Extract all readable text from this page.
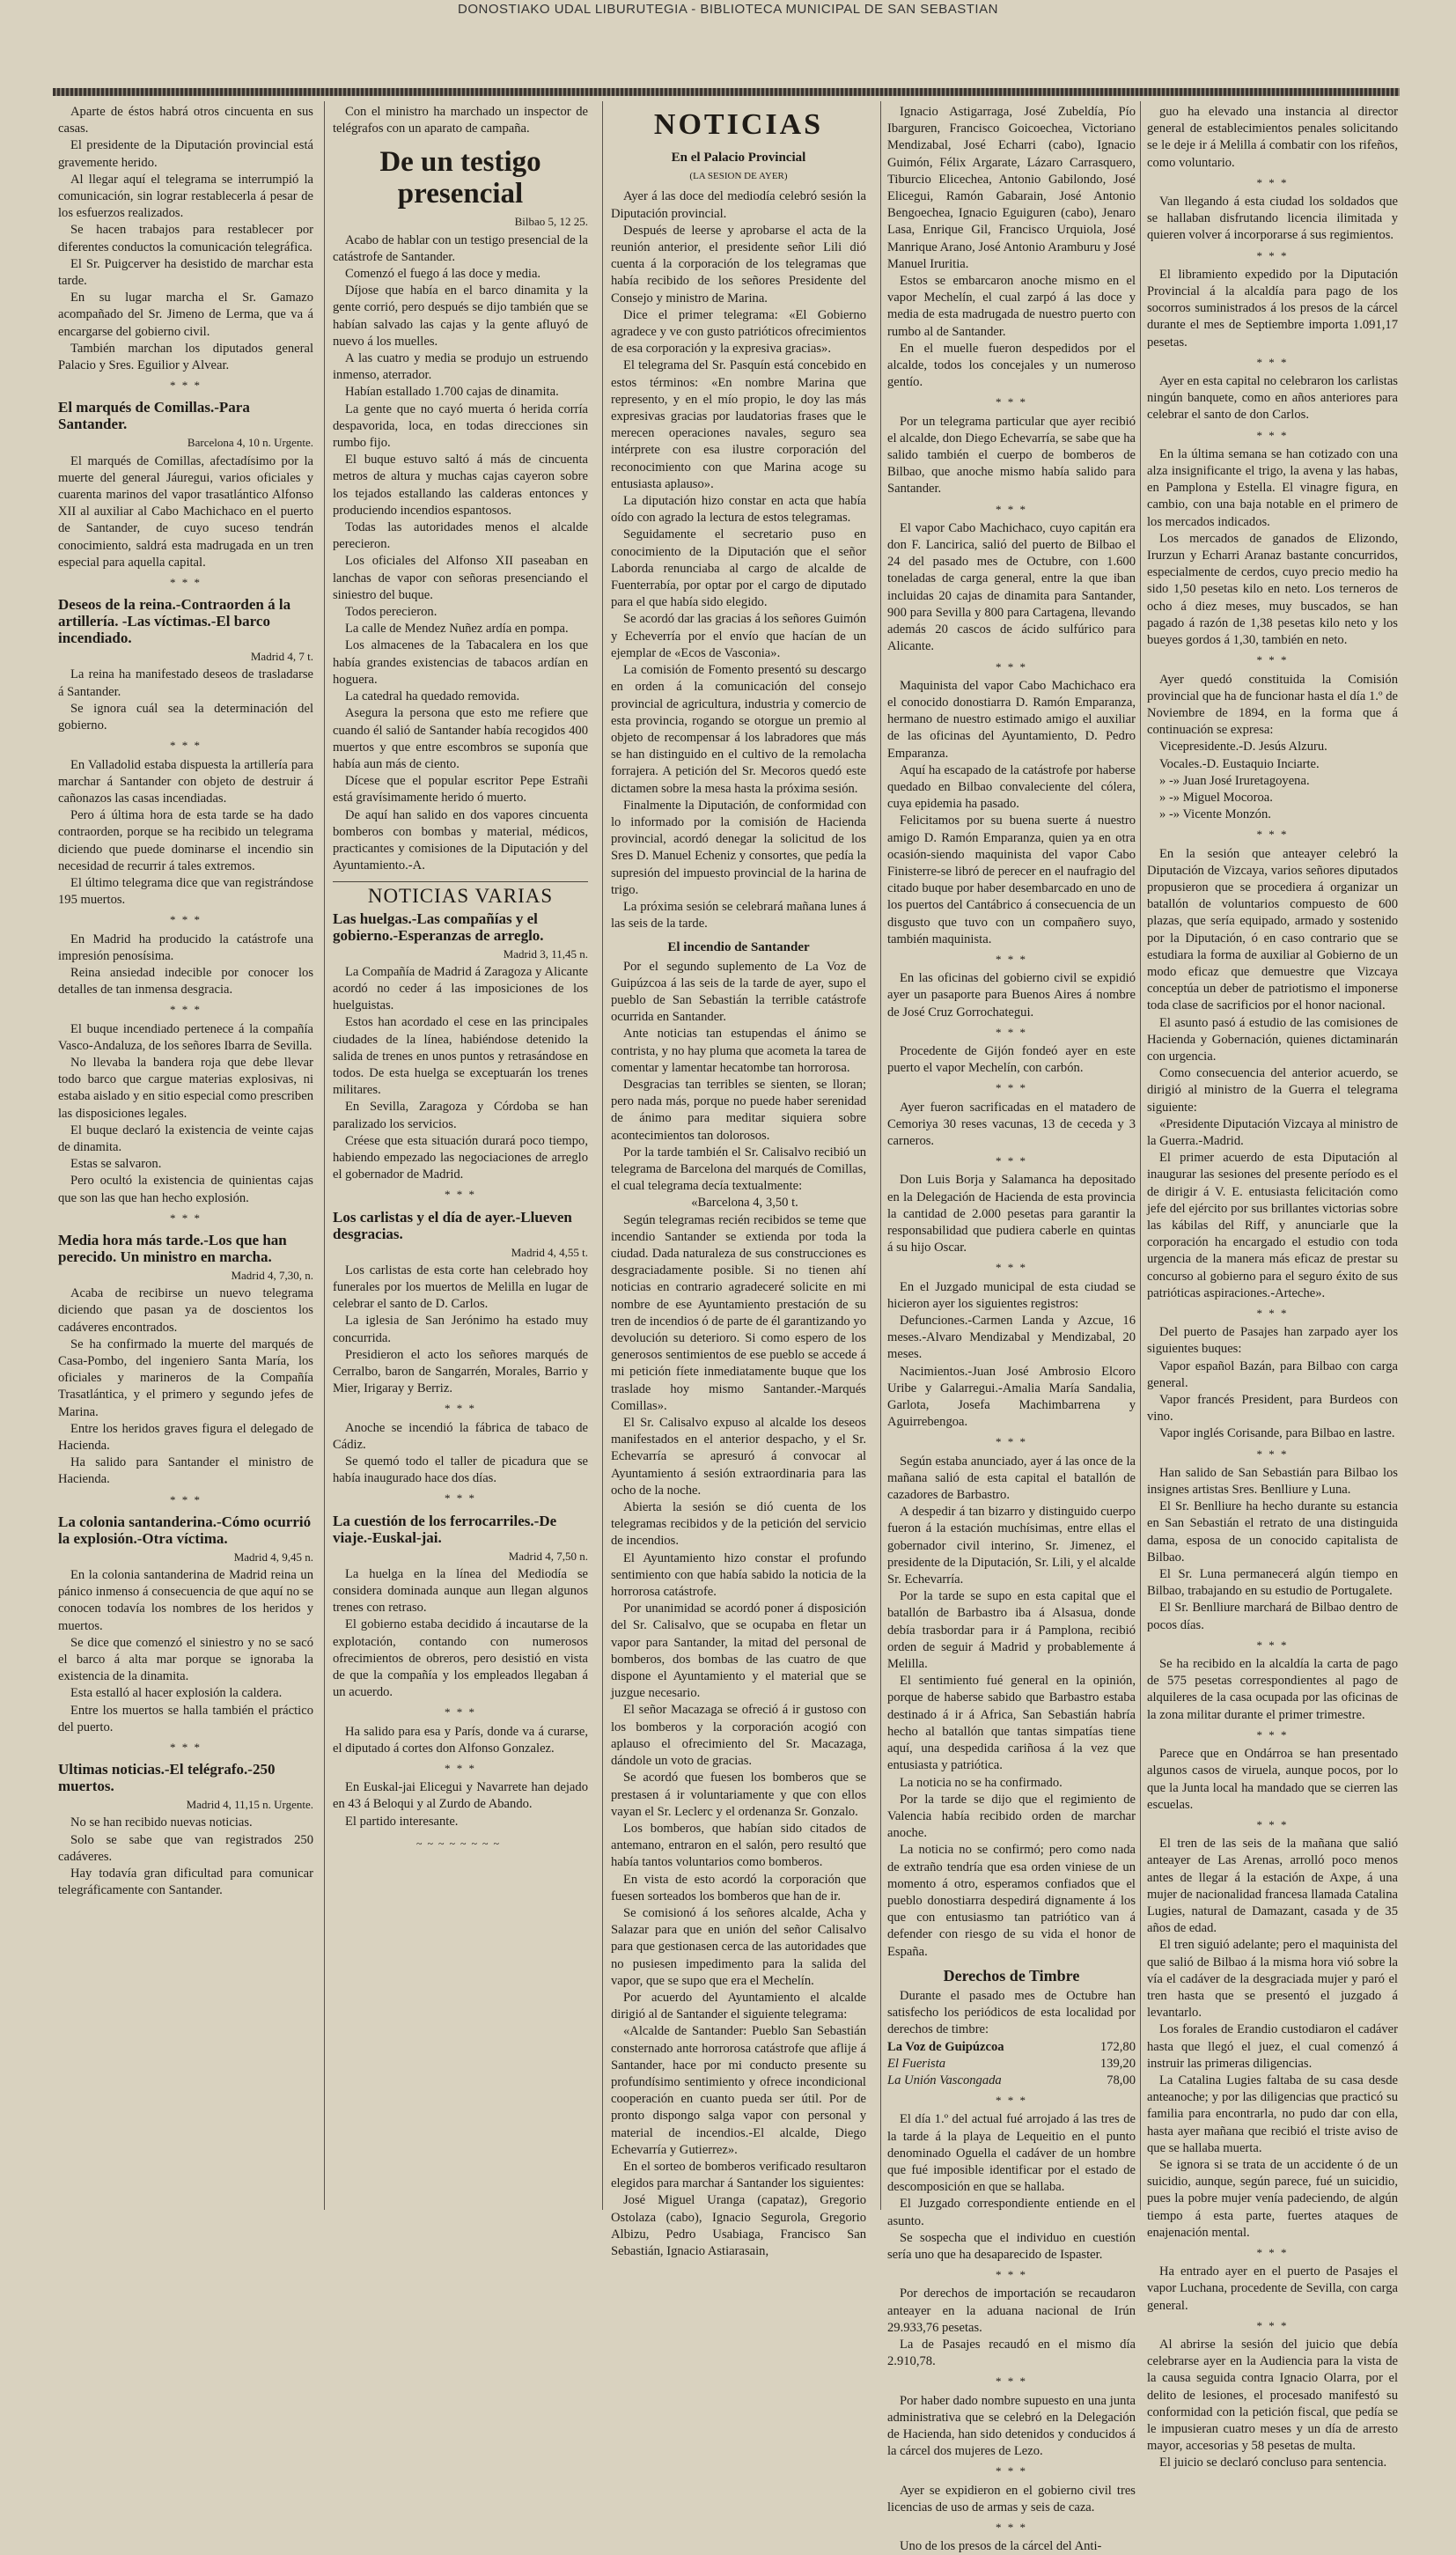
DONOSTIAKO UDAL LIBURUTEGIA - BIBLIOTECA MUNICIPAL DE SAN SEBASTIAN

Aparte de éstos habrá otros cincuenta en sus casas.

El presidente de la Diputación provincial está gravemente herido.

Al llegar aquí el telegrama se interrumpió la comunicación, sin lograr restablecerla á pesar de los esfuerzos realizados.

Se hacen trabajos para restablecer por diferentes conductos la comunicación telegráfica.

El Sr. Puigcerver ha desistido de marchar esta tarde.

En su lugar marcha el Sr. Gamazo acompañado del Sr. Jimeno de Lerma, que va á encargarse del gobierno civil.

También marchan los diputados general Palacio y Sres. Eguilior y Alvear.

* * *
El marqués de Comillas.-Para Santander.
Barcelona 4, 10 n. Urgente.

El marqués de Comillas, afectadísimo por la muerte del general Jáuregui, varios oficiales y cuarenta marinos del vapor trasatlántico Alfonso XII al auxiliar al Cabo Machichaco en el puerto de Santander, de cuyo suceso tendrán conocimiento, saldrá esta madrugada en un tren especial para aquella capital.

* * *
Deseos de la reina.-Contraorden á la artillería. -Las víctimas.-El barco incendiado.
Madrid 4, 7 t.

La reina ha manifestado deseos de trasladarse á Santander.

Se ignora cuál sea la determinación del gobierno.

* * *

En Valladolid estaba dispuesta la artillería para marchar á Santander con objeto de destruir á cañonazos las casas incendiadas.

Pero á última hora de esta tarde se ha dado contraorden, porque se ha recibido un telegrama diciendo que puede dominarse el incendio sin necesidad de recurrir á tales extremos.

El último telegrama dice que van registrándose 195 muertos.

* * *

En Madrid ha producido la catástrofe una impresión penosísima.

Reina ansiedad indecible por conocer los detalles de tan inmensa desgracia.

* * *

El buque incendiado pertenece á la compañía Vasco-Andaluza, de los señores Ibarra de Sevilla.

No llevaba la bandera roja que debe llevar todo barco que cargue materias explosivas, ni estaba aislado y en sitio especial como prescriben las disposiciones legales.

El buque declaró la existencia de veinte cajas de dinamita.

Estas se salvaron.

Pero ocultó la existencia de quinientas cajas que son las que han hecho explosión.

* * *
Media hora más tarde.-Los que han perecido. Un ministro en marcha.
Madrid 4, 7,30, n.

Acaba de recibirse un nuevo telegrama diciendo que pasan ya de doscientos los cadáveres encontrados.

Se ha confirmado la muerte del marqués de Casa-Pombo, del ingeniero Santa María, los oficiales y marineros de la Compañía Trasatlántica, y el primero y segundo jefes de Marina.

Entre los heridos graves figura el delegado de Hacienda.

Ha salido para Santander el ministro de Hacienda.

* * *
La colonia santanderina.-Cómo ocurrió la explosión.-Otra víctima.
Madrid 4, 9,45 n.

En la colonia santanderina de Madrid reina un pánico inmenso á consecuencia de que aquí no se conocen todavía los nombres de los heridos y muertos.

Se dice que comenzó el siniestro y no se sacó el barco á alta mar porque se ignoraba la existencia de la dinamita.

Esta estalló al hacer explosión la caldera.

Entre los muertos se halla también el práctico del puerto.

* * *
Ultimas noticias.-El telégrafo.-250 muertos.
Madrid 4, 11,15 n. Urgente.

No se han recibido nuevas noticias.

Solo se sabe que van registrados 250 cadáveres.

Hay todavía gran dificultad para comunicar telegráficamente con Santander.

Con el ministro ha marchado un inspector de telégrafos con un aparato de campaña.

De un testigo presencial
Bilbao 5, 12 25.

Acabo de hablar con un testigo presencial de la catástrofe de Santander.

Comenzó el fuego á las doce y media.

Díjose que había en el barco dinamita y la gente corrió, pero después se dijo también que se habían salvado las cajas y la gente afluyó de nuevo á los muelles.

A las cuatro y media se produjo un estruendo inmenso, aterrador.

Habían estallado 1.700 cajas de dinamita.

La gente que no cayó muerta ó herida corría despavorida, loca, en todas direcciones sin rumbo fijo.

El buque estuvo saltó á más de cincuenta metros de altura y muchas cajas cayeron sobre los tejados estallando las calderas entonces y produciendo incendios espantosos.

Todas las autoridades menos el alcalde perecieron.

Los oficiales del Alfonso XII paseaban en lanchas de vapor con señoras presenciando el siniestro del buque.

Todos perecieron.

La calle de Mendez Nuñez ardía en pompa.

Los almacenes de la Tabacalera en los que había grandes existencias de tabacos ardían en hoguera.

La catedral ha quedado removida.

Asegura la persona que esto me refiere que cuando él salió de Santander había recogidos 400 muertos y que entre escombros se suponía que había aun más de ciento.

Dícese que el popular escritor Pepe Estrañi está gravísimamente herido ó muerto.

De aquí han salido en dos vapores cincuenta bomberos con bombas y material, médicos, practicantes y comisiones de la Diputación y del Ayuntamiento.-A.

NOTICIAS VARIAS
Las huelgas.-Las compañías y el gobierno.-Esperanzas de arreglo.
Madrid 3, 11,45 n.

La Compañía de Madrid á Zaragoza y Alicante acordó no ceder á las imposiciones de los huelguistas.

Estos han acordado el cese en las principales ciudades de la línea, habiéndose detenido la salida de trenes en unos puntos y retrasándose en todos. De esta huelga se exceptuarán los trenes militares.

En Sevilla, Zaragoza y Córdoba se han paralizado los servicios.

Créese que esta situación durará poco tiempo, habiendo empezado las negociaciones de arreglo el gobernador de Madrid.

* * *
Los carlistas y el día de ayer.-Llueven desgracias.
Madrid 4, 4,55 t.

Los carlistas de esta corte han celebrado hoy funerales por los muertos de Melilla en lugar de celebrar el santo de D. Carlos.

La iglesia de San Jerónimo ha estado muy concurrida.

Presidieron el acto los señores marqués de Cerralbo, baron de Sangarrén, Morales, Barrio y Mier, Irigaray y Berriz.

* * *

Anoche se incendió la fábrica de tabaco de Cádiz.

Se quemó todo el taller de picadura que se había inaugurado hace dos días.

* * *
La cuestión de los ferrocarriles.-De viaje.-Euskal-jai.
Madrid 4, 7,50 n.

La huelga en la línea del Mediodía se considera dominada aunque aun llegan algunos trenes con retraso.

El gobierno estaba decidido á incautarse de la explotación, contando con numerosos ofrecimientos de obreros, pero desistió en vista de que la compañía y los empleados llegaban á un acuerdo.

* * *

Ha salido para esa y París, donde va á curarse, el diputado á cortes don Alfonso Gonzalez.

* * *

En Euskal-jai Elicegui y Navarrete han dejado en 43 á Beloqui y al Zurdo de Abando.

El partido interesante.

~~~~~~~~
NOTICIAS
En el Palacio Provincial
(LA SESION DE AYER)

Ayer á las doce del mediodía celebró sesión la Diputación provincial.

Después de leerse y aprobarse el acta de la reunión anterior, el presidente señor Lili dió cuenta á la corporación de los telegramas que había recibido de los señores Presidente del Consejo y ministro de Marina.

Dice el primer telegrama: «El Gobierno agradece y ve con gusto patrióticos ofrecimientos de esa corporación y la expresiva gracias».

El telegrama del Sr. Pasquín está concebido en estos términos: «En nombre Marina que represento, y en el mío propio, le doy las más expresivas gracias por laudatorias frases que le merecen operaciones navales, seguro sea intérprete con esa ilustre corporación del reconocimiento con que Marina acoge su entusiasta aplauso».

La diputación hizo constar en acta que había oído con agrado la lectura de estos telegramas.

Seguidamente el secretario puso en conocimiento de la Diputación que el señor Laborda renunciaba al cargo de alcalde de Fuenterrabía, por optar por el cargo de diputado para el que había sido elegido.

Se acordó dar las gracias á los señores Guimón y Echeverría por el envío que hacían de un ejemplar de «Ecos de Vasconia».

La comisión de Fomento presentó su descargo en orden á la comunicación del consejo provincial de agricultura, industria y comercio de esta provincia, rogando se otorgue un premio al objeto de recompensar á los labradores que más se han distinguido en el cultivo de la remolacha forrajera. A petición del Sr. Mecoros quedó este dictamen sobre la mesa hasta la próxima sesión.

Finalmente la Diputación, de conformidad con lo informado por la comisión de Hacienda provincial, acordó denegar la solicitud de los Sres D. Manuel Echeniz y consortes, que pedía la supresión del impuesto provincial de la harina de trigo.

La próxima sesión se celebrará mañana lunes á las seis de la tarde.

El incendio de Santander

Por el segundo suplemento de La Voz de Guipúzcoa á las seis de la tarde de ayer, supo el pueblo de San Sebastián la terrible catástrofe ocurrida en Santander.

Ante noticias tan estupendas el ánimo se contrista, y no hay pluma que acometa la tarea de comentar y lamentar hecatombe tan horrorosa.

Desgracias tan terribles se sienten, se lloran; pero nada más, porque no puede haber serenidad de ánimo para meditar siquiera sobre acontecimientos tan dolorosos.

Por la tarde también el Sr. Calisalvo recibió un telegrama de Barcelona del marqués de Comillas, el cual telegrama decía textualmente:

«Barcelona 4, 3,50 t.

Según telegramas recién recibidos se teme que incendio Santander se extienda por toda la ciudad. Dada naturaleza de sus construcciones es desgraciadamente posible. Si no tienen ahí noticias en contrario agradeceré solicite en mi nombre de ese Ayuntamiento prestación de su tren de incendios ó de parte de él garantizando yo devolución su deterioro. Si como espero de los generosos sentimientos de ese pueblo se accede á mi petición fíete inmediatamente buque que los traslade hoy mismo Santander.-Marqués Comillas».

El Sr. Calisalvo expuso al alcalde los deseos manifestados en el anterior despacho, y el Sr. Echevarría se apresuró á convocar al Ayuntamiento á sesión extraordinaria para las ocho de la noche.

Abierta la sesión se dió cuenta de los telegramas recibidos y de la petición del servicio de incendios.

El Ayuntamiento hizo constar el profundo sentimiento con que había sabido la noticia de la horrorosa catástrofe.

Por unanimidad se acordó poner á disposición del Sr. Calisalvo, que se ocupaba en fletar un vapor para Santander, la mitad del personal de bomberos, dos bombas de las cuatro de que dispone el Ayuntamiento y el material que se juzgue necesario.

El señor Macazaga se ofreció á ir gustoso con los bomberos y la corporación acogió con aplauso el ofrecimiento del Sr. Macazaga, dándole un voto de gracias.

Se acordó que fuesen los bomberos que se prestasen á ir voluntariamente y que con ellos vayan el Sr. Leclerc y el ordenanza Sr. Gonzalo.

Los bomberos, que habían sido citados de antemano, entraron en el salón, pero resultó que había tantos voluntarios como bomberos.

En vista de esto acordó la corporación que fuesen sorteados los bomberos que han de ir.

Se comisionó á los señores alcalde, Acha y Salazar para que en unión del señor Calisalvo para que gestionasen cerca de las autoridades que no pusiesen impedimento para la salida del vapor, que se supo que era el Mechelín.

Por acuerdo del Ayuntamiento el alcalde dirigió al de Santander el siguiente telegrama:

«Alcalde de Santander: Pueblo San Sebastián consternado ante horrorosa catástrofe que aflije á Santander, hace por mi conducto presente su profundísimo sentimiento y ofrece incondicional cooperación en cuanto pueda ser útil. Por de pronto dispongo salga vapor con personal y material de incendios.-El alcalde, Diego Echevarría y Gutierrez».

En el sorteo de bomberos verificado resultaron elegidos para marchar á Santander los siguientes:

José Miguel Uranga (capataz), Gregorio Ostolaza (cabo), Ignacio Segurola, Gregorio Albizu, Pedro Usabiaga, Francisco San Sebastián, Ignacio Astiarasain,

Ignacio Astigarraga, José Zubeldía, Pío Ibarguren, Francisco Goicoechea, Victoriano Mendizabal, José Echarri (cabo), Ignacio Guimón, Félix Argarate, Lázaro Carrasquero, Tiburcio Elicechea, Antonio Gabilondo, José Elicegui, Ramón Gabarain, José Antonio Bengoechea, Ignacio Eguiguren (cabo), Jenaro Lasa, Enrique Gil, Francisco Urquiola, José Manrique Arano, José Antonio Aramburu y José Manuel Iruritia.

Estos se embarcaron anoche mismo en el vapor Mechelín, el cual zarpó á las doce y media de esta madrugada de nuestro puerto con rumbo al de Santander.

En el muelle fueron despedidos por el alcalde, todos los concejales y un numeroso gentío.

* * *

Por un telegrama particular que ayer recibió el alcalde, don Diego Echevarría, se sabe que ha salido también el cuerpo de bomberos de Bilbao, que anoche mismo había salido para Santander.

* * *

El vapor Cabo Machichaco, cuyo capitán era don F. Lancirica, salió del puerto de Bilbao el 24 del pasado mes de Octubre, con 1.600 toneladas de carga general, entre la que iban incluidas 20 cajas de dinamita para Santander, 900 para Sevilla y 800 para Cartagena, llevando además 20 cascos de ácido sulfúrico para Alicante.

* * *

Maquinista del vapor Cabo Machichaco era el conocido donostiarra D. Ramón Emparanza, hermano de nuestro estimado amigo el auxiliar de las oficinas del Ayuntamiento, D. Pedro Emparanza.

Aquí ha escapado de la catástrofe por haberse quedado en Bilbao convaleciente del cólera, cuya epidemia ha pasado.

Felicitamos por su buena suerte á nuestro amigo D. Ramón Emparanza, quien ya en otra ocasión-siendo maquinista del vapor Cabo Finisterre-se libró de perecer en el naufragio del citado buque por haber desembarcado en uno de los puertos del Cantábrico á consecuencia de un disgusto que tuvo con un compañero suyo, también maquinista.

* * *

En las oficinas del gobierno civil se expidió ayer un pasaporte para Buenos Aires á nombre de José Cruz Gorrochategui.

* * *

Procedente de Gijón fondeó ayer en este puerto el vapor Mechelín, con carbón.

* * *

Ayer fueron sacrificadas en el matadero de Cemoriya 30 reses vacunas, 13 de ceceda y 3 carneros.

* * *

Don Luis Borja y Salamanca ha depositado en la Delegación de Hacienda de esta provincia la cantidad de 2.000 pesetas para garantir la responsabilidad que pudiera caberle en quintas á su hijo Oscar.

* * *

En el Juzgado municipal de esta ciudad se hicieron ayer los siguientes registros:

Defunciones.-Carmen Landa y Azcue, 16 meses.-Alvaro Mendizabal y Mendizabal, 20 meses.

Nacimientos.-Juan José Ambrosio Elcoro Uribe y Galarregui.-Amalia María Sandalia, Garlota, Josefa Machimbarrena y Aguirrebengoa.

* * *

Según estaba anunciado, ayer á las once de la mañana salió de esta capital el batallón de cazadores de Barbastro.

A despedir á tan bizarro y distinguido cuerpo fueron á la estación muchísimas, entre ellas el gobernador civil interino, Sr. Jimenez, el presidente de la Diputación, Sr. Lili, y el alcalde Sr. Echevarría.

Por la tarde se supo en esta capital que el batallón de Barbastro iba á Alsasua, donde debía trasbordar para ir á Pamplona, recibió orden de seguir á Madrid y probablemente á Melilla.

El sentimiento fué general en la opinión, porque de haberse sabido que Barbastro estaba destinado á ir á Africa, San Sebastián habría hecho al batallón que tantas simpatías tiene aquí, una despedida cariñosa á la vez que entusiasta y patriótica.

La noticia no se ha confirmado.

Por la tarde se dijo que el regimiento de Valencia había recibido orden de marchar anoche.

La noticia no se confirmó; pero como nada de extraño tendría que esa orden viniese de un momento á otro, esperamos confiados que el pueblo donostiarra despedirá dignamente á los que con entusiasmo tan patriótico van á defender con riesgo de su vida el honor de España.

Derechos de Timbre

Durante el pasado mes de Octubre han satisfecho los periódicos de esta localidad por derechos de timbre:

La Voz de Guipúzcoa	172,80
El Fuerista	139,20
La Unión Vascongada	78,00
* * *

El día 1.º del actual fué arrojado á las tres de la tarde á la playa de Lequeitio en el punto denominado Oguella el cadáver de un hombre que fué imposible identificar por el estado de descomposición en que se hallaba.

El Juzgado correspondiente entiende en el asunto.

Se sospecha que el individuo en cuestión sería uno que ha desaparecido de Ispaster.

* * *

Por derechos de importación se recaudaron anteayer en la aduana nacional de Irún 29.933,76 pesetas.

La de Pasajes recaudó en el mismo día 2.910,78.

* * *

Por haber dado nombre supuesto en una junta administrativa que se celebró en la Delegación de Hacienda, han sido detenidos y conducidos á la cárcel dos mujeres de Lezo.

* * *

Ayer se expidieron en el gobierno civil tres licencias de uso de armas y seis de caza.

* * *

Uno de los presos de la cárcel del Anti-

guo ha elevado una instancia al director general de establecimientos penales solicitando se le deje ir á Melilla á combatir con los rifeños, como voluntario.

* * *

Van llegando á esta ciudad los soldados que se hallaban disfrutando licencia ilimitada y quieren volver á incorporarse á sus regimientos.

* * *

El libramiento expedido por la Diputación Provincial á la alcaldía para pago de los socorros suministrados á los presos de la cárcel durante el mes de Septiembre importa 1.091,17 pesetas.

* * *

Ayer en esta capital no celebraron los carlistas ningún banquete, como en años anteriores para celebrar el santo de don Carlos.

* * *

En la última semana se han cotizado con una alza insignificante el trigo, la avena y las habas, en Pamplona y Estella. El vinagre figura, en cambio, con una baja notable en el primero de los mercados indicados.

Los mercados de ganados de Elizondo, Irurzun y Echarri Aranaz bastante concurridos, especialmente de cerdos, cuyo precio medio ha sido 1,50 pesetas kilo en neto. Los terneros de ocho á diez meses, muy buscados, se han pagado á razón de 1,38 pesetas kilo neto y los bueyes gordos á 1,30, también en neto.

* * *

Ayer quedó constituida la Comisión provincial que ha de funcionar hasta el día 1.º de Noviembre de 1894, en la forma que á continuación se expresa:

Vicepresidente.-D. Jesús Alzuru.

Vocales.-D. Eustaquio Inciarte.

» -» Juan José Iruretagoyena.

» -» Miguel Mocoroa.

» -» Vicente Monzón.

* * *

En la sesión que anteayer celebró la Diputación de Vizcaya, varios señores diputados propusieron que se procediera á organizar un batallón de voluntarios compuesto de 600 plazas, que sería equipado, armado y sostenido por la Diputación, ó en caso contrario que se estudiara la forma de auxiliar al Gobierno de un modo eficaz que demuestre que Vizcaya conceptúa un deber de patriotismo el imponerse toda clase de sacrificios por el honor nacional.

El asunto pasó á estudio de las comisiones de Hacienda y Gobernación, quienes dictaminarán con urgencia.

Como consecuencia del anterior acuerdo, se dirigió al ministro de la Guerra el telegrama siguiente:

«Presidente Diputación Vizcaya al ministro de la Guerra.-Madrid.

El primer acuerdo de esta Diputación al inaugurar las sesiones del presente período es el de dirigir á V. E. entusiasta felicitación como jefe del ejército por sus brillantes victorias sobre las kábilas del Riff, y anunciarle que la corporación ha encargado el estudio con toda urgencia de la manera más eficaz de prestar su concurso al gobierno para el seguro éxito de sus patrióticas aspiraciones.-Arteche».

* * *

Del puerto de Pasajes han zarpado ayer los siguientes buques:

Vapor español Bazán, para Bilbao con carga general.

Vapor francés President, para Burdeos con vino.

Vapor inglés Corisande, para Bilbao en lastre.

* * *

Han salido de San Sebastián para Bilbao los insignes artistas Sres. Benlliure y Luna.

El Sr. Benlliure ha hecho durante su estancia en San Sebastián el retrato de una distinguida dama, esposa de un conocido capitalista de Bilbao.

El Sr. Luna permanecerá algún tiempo en Bilbao, trabajando en su estudio de Portugalete.

El Sr. Benlliure marchará de Bilbao dentro de pocos días.

* * *

Se ha recibido en la alcaldía la carta de pago de 575 pesetas correspondientes al pago de alquileres de la casa ocupada por las oficinas de la zona militar durante el primer trimestre.

* * *

Parece que en Ondárroa se han presentado algunos casos de viruela, aunque pocos, por lo que la Junta local ha mandado que se cierren las escuelas.

* * *

El tren de las seis de la mañana que salió anteayer de Las Arenas, arrolló poco menos antes de llegar á la estación de Axpe, á una mujer de nacionalidad francesa llamada Catalina Lugies, natural de Damazant, casada y de 35 años de edad.

El tren siguió adelante; pero el maquinista del que salió de Bilbao á la misma hora vió sobre la vía el cadáver de la desgraciada mujer y paró el tren hasta que se presentó el juzgado á levantarlo.

Los forales de Erandio custodiaron el cadáver hasta que llegó el juez, el cual comenzó á instruir las primeras diligencias.

La Catalina Lugies faltaba de su casa desde anteanoche; y por las diligencias que practicó su familia para encontrarla, no pudo dar con ella, hasta ayer mañana que recibió el triste aviso de que se hallaba muerta.

Se ignora si se trata de un accidente ó de un suicidio, aunque, según parece, fué un suicidio, pues la pobre mujer venía padeciendo, de algún tiempo á esta parte, fuertes ataques de enajenación mental.

* * *

Ha entrado ayer en el puerto de Pasajes el vapor Luchana, procedente de Sevilla, con carga general.

* * *

Al abrirse la sesión del juicio que debía celebrarse ayer en la Audiencia para la vista de la causa seguida contra Ignacio Olarra, por el delito de lesiones, el procesado manifestó su conformidad con la petición fiscal, que pedía se le impusieran cuatro meses y un día de arresto mayor, accesorias y 58 pesetas de multa.

El juicio se declaró concluso para sentencia.
